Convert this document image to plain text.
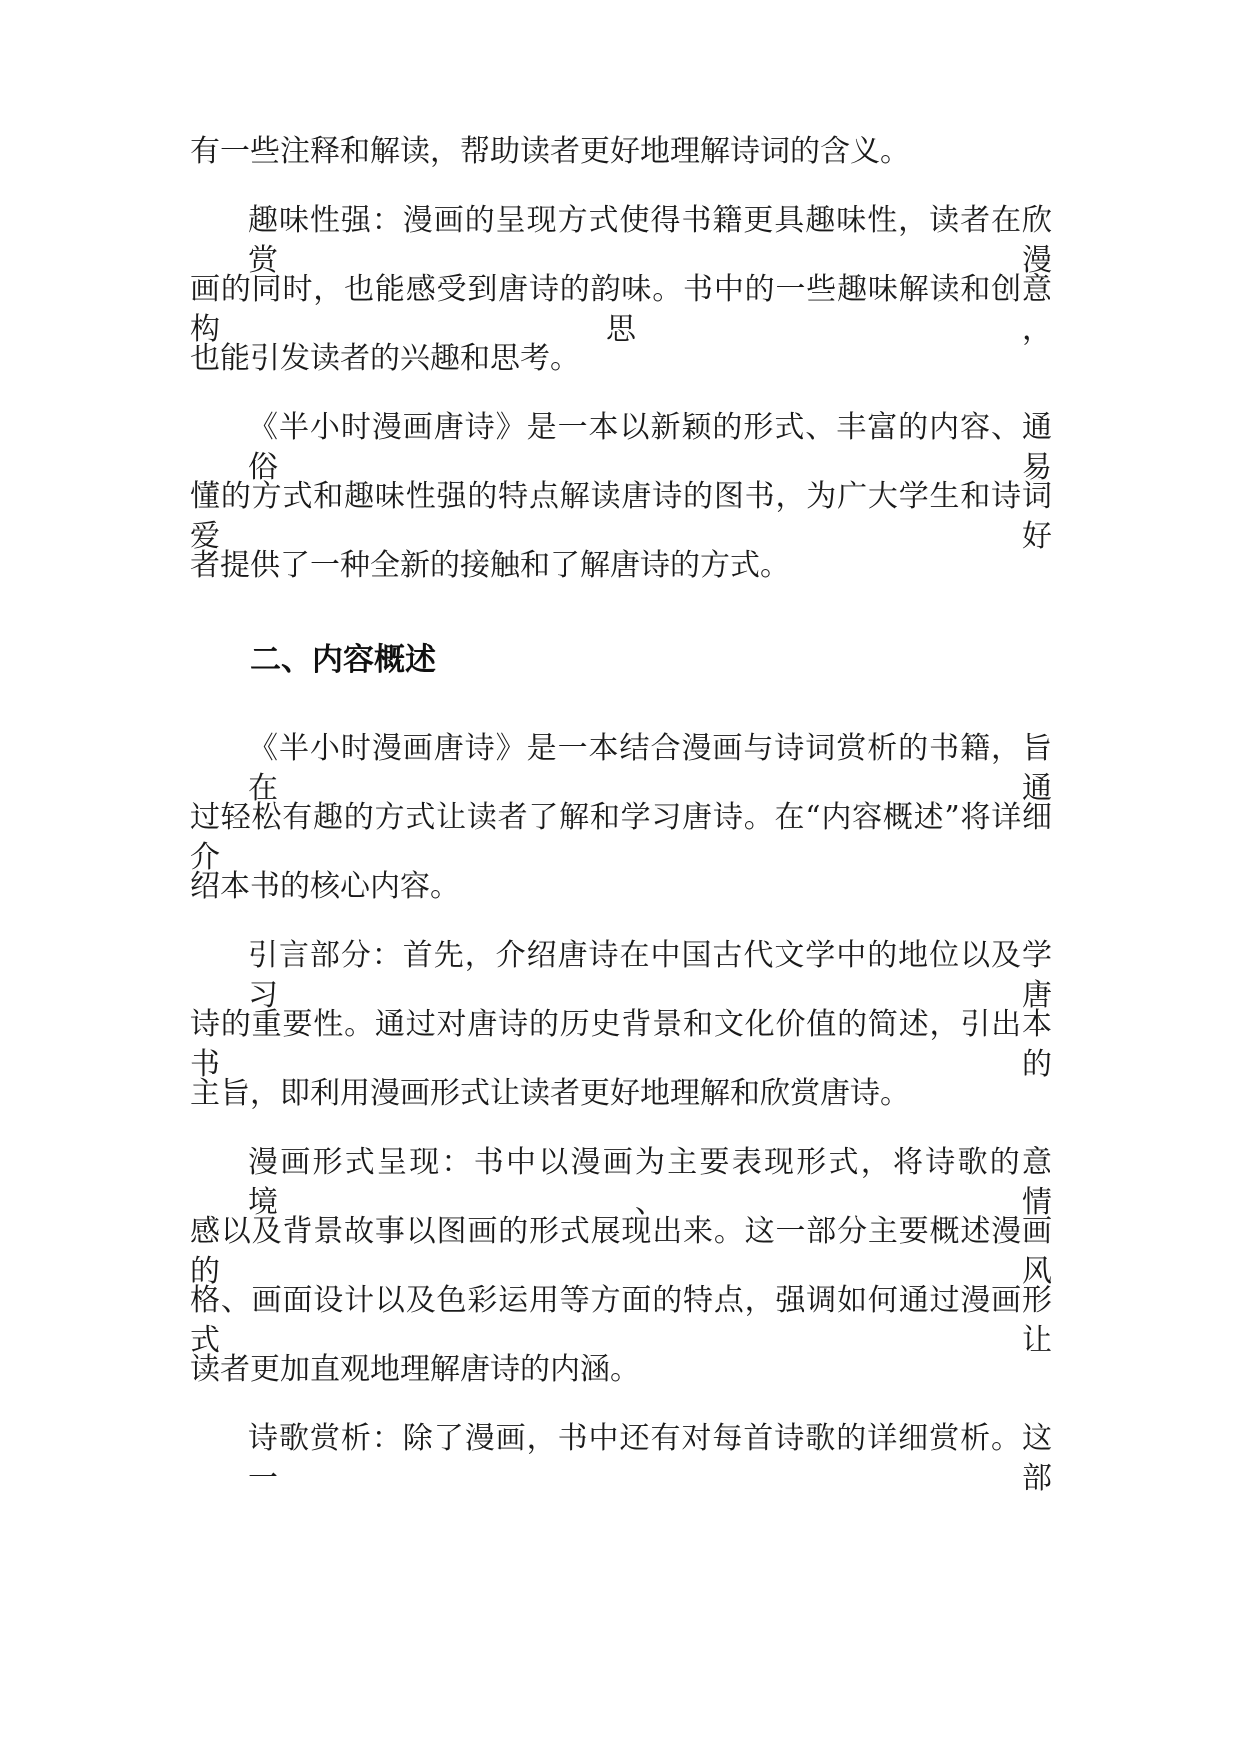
有一些注释和解读，帮助读者更好地理解诗词的含义。

趣味性强：漫画的呈现方式使得书籍更具趣味性，读者在欣赏漫

画的同时，也能感受到唐诗的韵味。书中的一些趣味解读和创意构思，

也能引发读者的兴趣和思考。

《半小时漫画唐诗》是一本以新颖的形式、丰富的内容、通俗易

懂的方式和趣味性强的特点解读唐诗的图书，为广大学生和诗词爱好

者提供了一种全新的接触和了解唐诗的方式。

二、内容概述

《半小时漫画唐诗》是一本结合漫画与诗词赏析的书籍，旨在通

过轻松有趣的方式让读者了解和学习唐诗。在“内容概述”将详细介

绍本书的核心内容。

引言部分：首先，介绍唐诗在中国古代文学中的地位以及学习唐

诗的重要性。通过对唐诗的历史背景和文化价值的简述，引出本书的

主旨，即利用漫画形式让读者更好地理解和欣赏唐诗。

漫画形式呈现：书中以漫画为主要表现形式，将诗歌的意境、情

感以及背景故事以图画的形式展现出来。这一部分主要概述漫画的风

格、画面设计以及色彩运用等方面的特点，强调如何通过漫画形式让

读者更加直观地理解唐诗的内涵。

诗歌赏析：除了漫画，书中还有对每首诗歌的详细赏析。这一部
